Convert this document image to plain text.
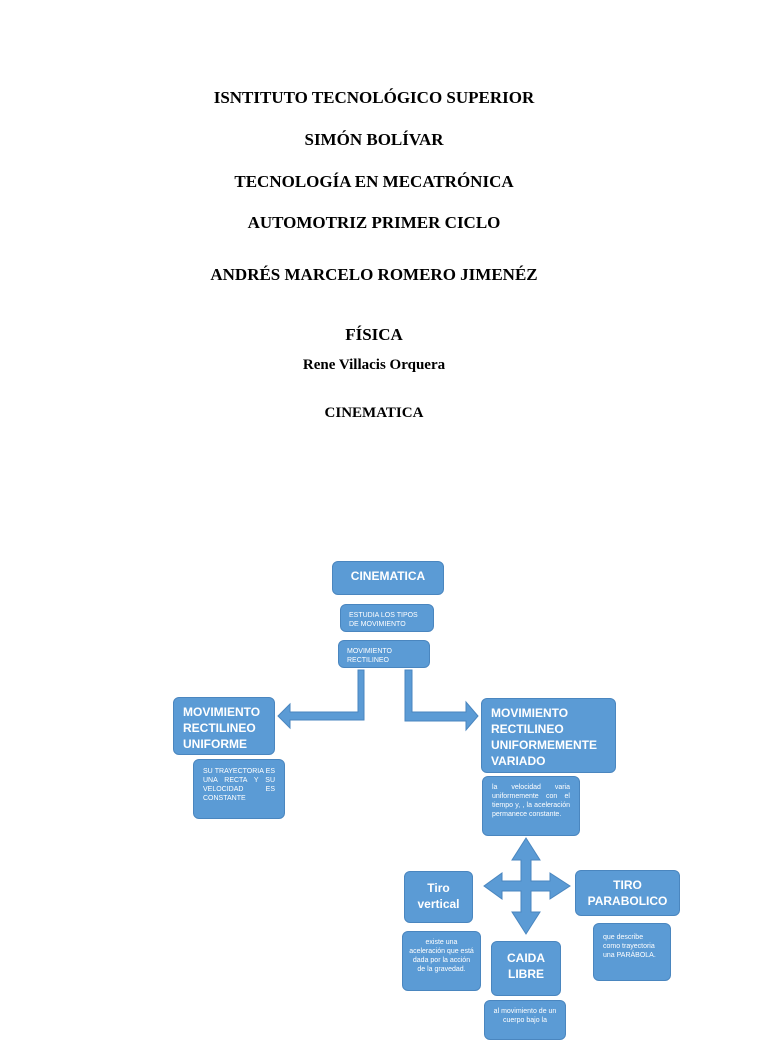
ISNTITUTO TECNOLÓGICO SUPERIOR
SIMÓN BOLÍVAR
TECNOLOGÍA EN MECATRÓNICA
AUTOMOTRIZ PRIMER CICLO
ANDRÉS MARCELO ROMERO JIMENÉZ
FÍSICA
Rene Villacis Orquera
CINEMATICA
CINEMATICA
ESTUDIA LOS TIPOS DE MOVIMIENTO
MOVIMIENTO RECTILINEO
MOVIMIENTO RECTILINEO UNIFORME
SU TRAYECTORIA ES UNA RECTA Y SU VELOCIDAD ES CONSTANTE
MOVIMIENTO RECTILINEO UNIFORMEMENTE VARIADO
la velocidad varia uniformemente con el tiempo y, , la aceleración permanece constante.
Tiro vertical
existe una aceleración que está dada por la acción de la gravedad.
TIRO PARABOLICO
que describe como trayectoria una PARÁBOLA.
CAIDA LIBRE
al movimiento de un cuerpo bajo la
